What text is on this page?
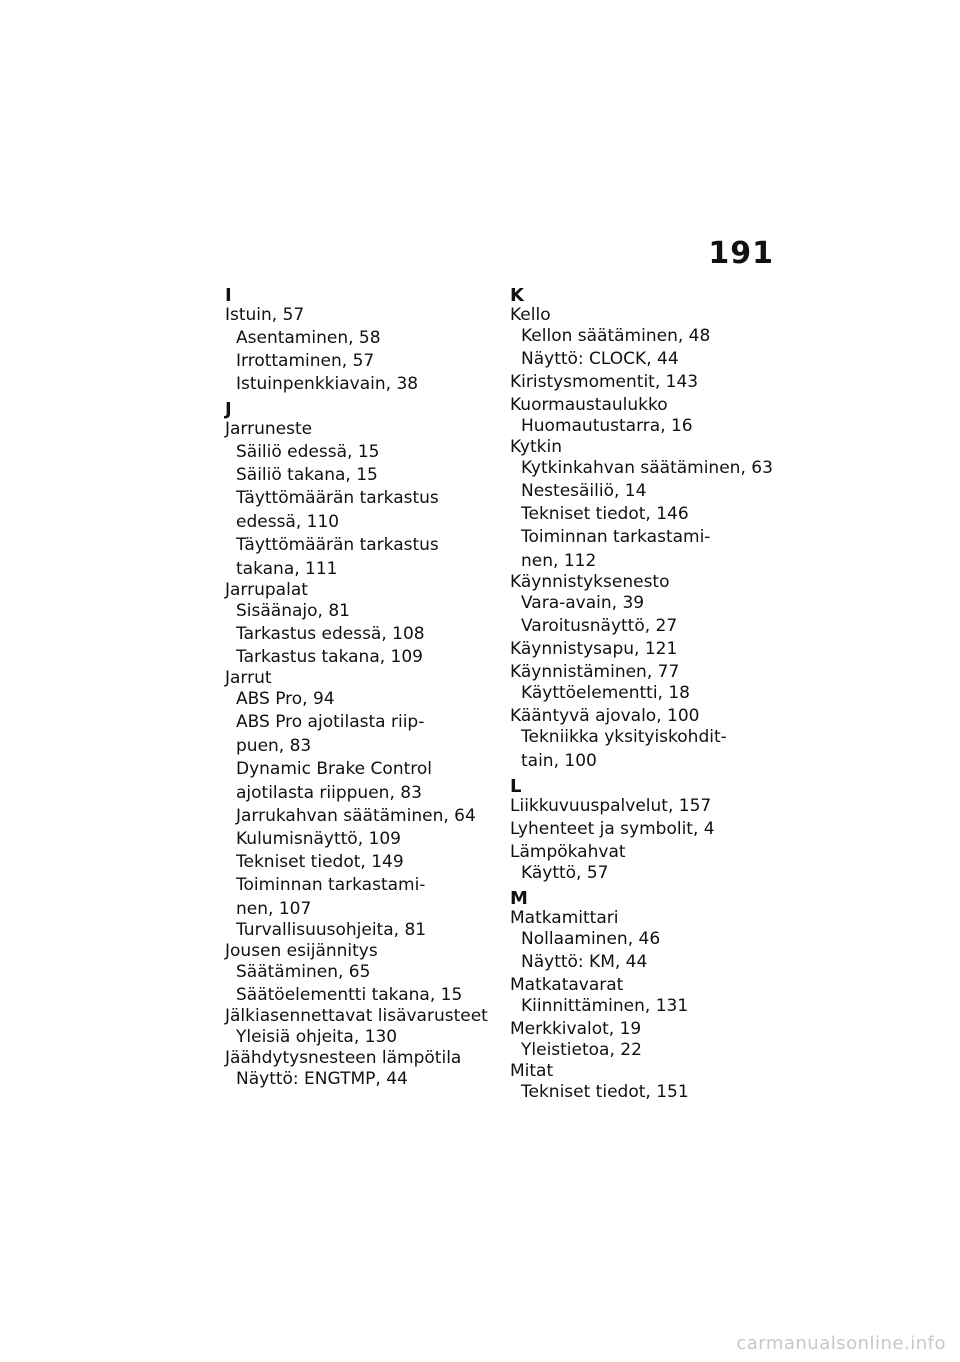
191
I
Istuin, 57
Asentaminen, 58
Irrottaminen, 57
Istuinpenkkiavain, 38
J
Jarruneste
Säiliö edessä, 15
Säiliö takana, 15
Täyttömäärän tarkastus
edessä, 110
Täyttömäärän tarkastus
takana, 111
Jarrupalat
Sisäänajo, 81
Tarkastus edessä, 108
Tarkastus takana, 109
Jarrut
ABS Pro, 94
ABS Pro ajotilasta riip-
puen, 83
Dynamic Brake Control
ajotilasta riippuen, 83
Jarrukahvan säätäminen, 64
Kulumisnäyttö, 109
Tekniset tiedot, 149
Toiminnan tarkastami-
nen, 107
Turvallisuusohjeita, 81
Jousen esijännitys
Säätäminen, 65
Säätöelementti takana, 15
Jälkiasennettavat lisävarusteet
Yleisiä ohjeita, 130
Jäähdytysnesteen lämpötila
Näyttö: ENGTMP, 44
K
Kello
Kellon säätäminen, 48
Näyttö: CLOCK, 44
Kiristysmomentit, 143
Kuormaustaulukko
Huomautustarra, 16
Kytkin
Kytkinkahvan säätäminen, 63
Nestesäiliö, 14
Tekniset tiedot, 146
Toiminnan tarkastami-
nen, 112
Käynnistyksenesto
Vara-avain, 39
Varoitusnäyttö, 27
Käynnistysapu, 121
Käynnistäminen, 77
Käyttöelementti, 18
Kääntyvä ajovalo, 100
Tekniikka yksityiskohdit-
tain, 100
L
Liikkuvuuspalvelut, 157
Lyhenteet ja symbolit, 4
Lämpökahvat
Käyttö, 57
M
Matkamittari
Nollaaminen, 46
Näyttö: KM, 44
Matkatavarat
Kiinnittäminen, 131
Merkkivalot, 19
Yleistietoa, 22
Mitat
Tekniset tiedot, 151
carmanualsonline.info
